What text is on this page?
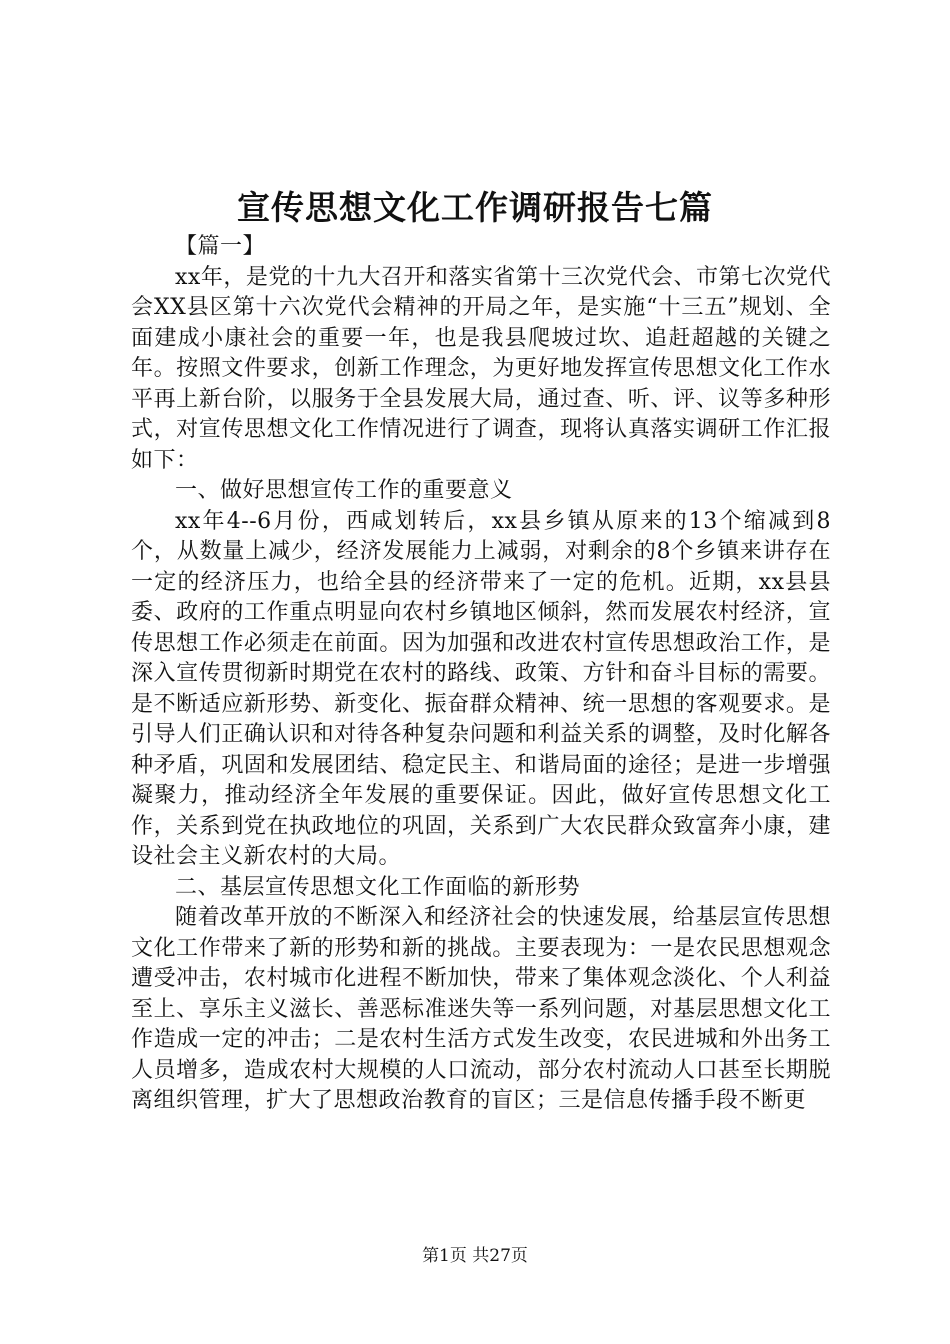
宣传思想文化工作调研报告七篇

【篇一】

xx年，是党的十九大召开和落实省第十三次党代会、市第七次党代会XX县区第十六次党代会精神的开局之年，是实施“十三五”规划、全面建成小康社会的重要一年，也是我县爬坡过坎、追赶超越的关键之年。按照文件要求，创新工作理念，为更好地发挥宣传思想文化工作水平再上新台阶，以服务于全县发展大局，通过查、听、评、议等多种形式，对宣传思想文化工作情况进行了调查，现将认真落实调研工作汇报如下：

一、做好思想宣传工作的重要意义

xx年4--6月份，西咸划转后，xx县乡镇从原来的13个缩减到8个，从数量上减少，经济发展能力上减弱，对剩余的8个乡镇来讲存在一定的经济压力，也给全县的经济带来了一定的危机。近期，xx县县委、政府的工作重点明显向农村乡镇地区倾斜，然而发展农村经济，宣传思想工作必须走在前面。因为加强和改进农村宣传思想政治工作，是深入宣传贯彻新时期党在农村的路线、政策、方针和奋斗目标的需要。是不断适应新形势、新变化、振奋群众精神、统一思想的客观要求。是引导人们正确认识和对待各种复杂问题和利益关系的调整，及时化解各种矛盾，巩固和发展团结、稳定民主、和谐局面的途径；是进一步增强凝聚力，推动经济全年发展的重要保证。因此，做好宣传思想文化工作，关系到党在执政地位的巩固，关系到广大农民群众致富奔小康，建设社会主义新农村的大局。

二、基层宣传思想文化工作面临的新形势

随着改革开放的不断深入和经济社会的快速发展，给基层宣传思想文化工作带来了新的形势和新的挑战。主要表现为：一是农民思想观念遭受冲击，农村城市化进程不断加快，带来了集体观念淡化、个人利益至上、享乐主义滋长、善恶标准迷失等一系列问题，对基层思想文化工作造成一定的冲击；二是农村生活方式发生改变，农民进城和外出务工人员增多，造成农村大规模的人口流动，部分农村流动人口甚至长期脱离组织管理，扩大了思想政治教育的盲区；三是信息传播手段不断更

第1页 共27页
